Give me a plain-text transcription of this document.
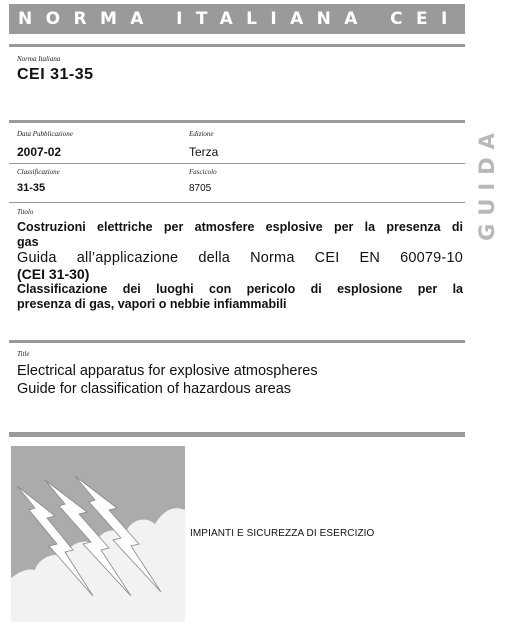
NORMA ITALIANA CEI
Norma Italiana
CEI 31-35
Data Pubblicazione	Edizione
2007-02	Terza
Classificazione	Fascicolo
31-35	8705	GUIDA
Titolo
Costruzioni elettriche per atmosfere esplosive per la presenza di
gas
Guida all’applicazione della Norma CEI EN 60079-10
(CEI 31-30)
Classificazione dei luoghi con pericolo di esplosione per la
presenza di gas, vapori o nebbie infiammabili
Title
Electrical apparatus for explosive atmospheres
Guide for classification of hazardous areas
IMPIANTI E SICUREZZA DI ESERCIZIO
